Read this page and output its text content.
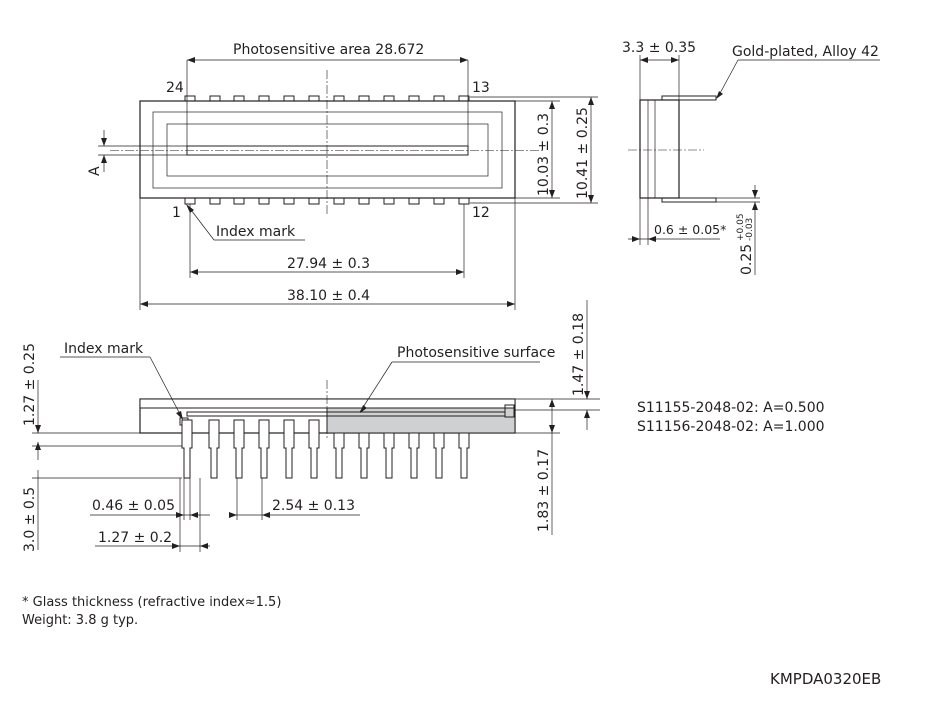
Photosensitive area 28.672
24	13
1	12
A
Index mark
27.94 ± 0.3
38.10 ± 0.4
10.03 ± 0.3 10.41 ± 0.25
3.3 ± 0.35	Gold-plated, Alloy 42
0.6 ± 0.05*
0.25
+0.05 -0.03
Index mark	Photosensitive surface
1.27 ± 0.25
3.0 ± 0.5
1.47 ± 0.18
1.83 ± 0.17
0.46 ± 0.05	2.54 ± 0.13
1.27 ± 0.2
S11155-2048-02: A=0.500
S11156-2048-02: A=1.000
* Glass thickness (refractive index≈1.5)
Weight: 3.8 g typ.
KMPDA0320EB
